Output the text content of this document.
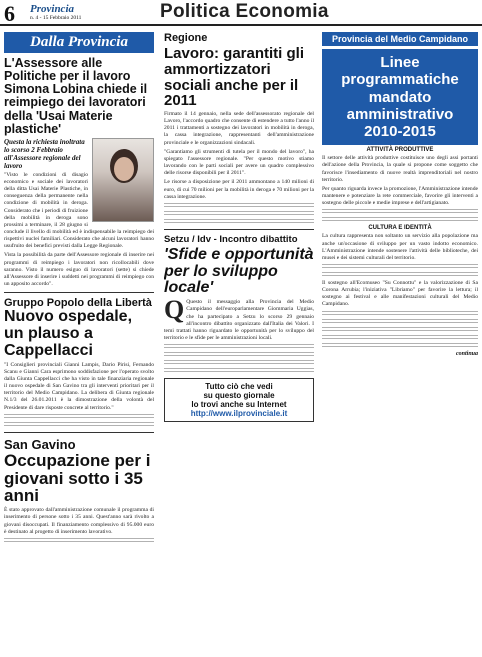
6 Provincia
n. 4 - 15 Febbraio 2011	Politica Economia
Dalla Provincia
L'Assessore alle Politiche per il lavoro Simona Lobina chiede il reimpiego dei lavoratori della 'Usai Materie plastiche'
Questa la richiesta inoltrata lo scorso 2 Febbraio all'Assessore regionale del lavoro
"Visto le condizioni di disagio economico e sociale dei lavoratori della ditta Usai Materie Plastiche, in conseguenza della permanente nella condizione di mobilità in deroga. Considerato che i periodi di fruizione della mobilità in deroga sono prossimi a terminare, il 28 giugno si conclude il livello di mobilità ed è indispensabile la reimpiego dei rispettivi nuclei familiari. Considerato che alcuni lavoratori hanno usufruito dei benefici previsti dalla Legge Regionale.
Vista la possibilità da parte dell'Assessore regionale di inserire nei programmi di reimpiego i lavoratori non ricollocabili dove saranno. Visto il numero esiguo di lavoratori (sette) si chiede all'Assessore di inserire i suddetti nei programmi di reimpiego con un apposito accordo".
Gruppo Popolo della Libertà
Nuovo ospedale, un plauso a Cappellacci
"I Consiglieri provinciali Gianni Lampis, Dario Pirisi, Fernando Scanu e Gianni Cara esprimono soddisfazione per l'operato svolto dalla Giunta Cappellacci che ha visto in tale finanziaria regionale il nuovo ospedale di San Gavino tra gli interventi prioritari per il territorio del Medio Campidano. La delibera di Giunta regionale N.1/3 del 26.01.2011 è la dimostrazione della volontà del Presidente di dare risposte concrete al territorio."
San Gavino
Occupazione per i giovani sotto i 35 anni
È stato approvato dall'amministrazione comunale il programma di inserimento di persone sotto i 35 anni. Quest'anno sarà rivolto a giovani disoccupati. Il finanziamento complessivo di 95.000 euro è destinato al progetto di inserimento lavorativo.
Regione
Lavoro: garantiti gli ammortizzatori sociali anche per il 2011
Firmato il 14 gennaio, nella sede dell'assessorato regionale del Lavoro, l'accordo quadro che consente di estendere a tutto l'anno il 2011 i trattamenti a sostegno dei lavoratori in mobilità in deroga, la cassa integrazione, rappresentanti dell'amministrazione provinciale e le organizzazioni sindacali.
"Garantiamo gli strumenti di tutela per il mondo del lavoro", ha spiegato l'assessore regionale. "Per questo motivo stiamo lavorando con le parti sociali per avere un quadro complessivo delle risorse disponibili per il 2011".
Le risorse a disposizione per il 2011 ammontano a 140 milioni di euro, di cui 70 milioni per la mobilità in deroga e 70 milioni per la cassa integrazione.
Setzu / Idv - Incontro dibattito
'Sfide e opportunità per lo sviluppo locale'
Q Questo il messaggio alla Provincia del Medio Campidano dell'europarlamentare Giommaria Uggias, che ha partecipato a Setzu lo scorso 29 gennaio all'incontro dibattito organizzato dall'Italia dei Valori. I temi trattati hanno riguardato le opportunità per lo sviluppo del territorio e le sfide per le amministrazioni locali.
Tutto ciò che vedi
su questo giornale
lo trovi anche su Internet
http://www.ilprovinciale.it
Provincia del Medio Campidano
Linee programmatiche mandato amministrativo 2010-2015
ATTIVITÀ PRODUTTIVE
Il settore delle attività produttive costituisce uno degli assi portanti dell'azione della Provincia, la quale si propone come soggetto che favorisce l'insediamento di nuove realtà imprenditoriali nel nostro territorio.
Per quanto riguarda invece la promozione, l'Amministrazione intende mantenere e potenziare la rete commerciale, favorire gli interventi a sostegno delle piccole e medie imprese e dell'artigianato.
CULTURA E IDENTITÀ
La cultura rappresenta non soltanto un servizio alla popolazione ma anche un'occasione di sviluppo per un vasto indotto economico. L'Amministrazione intende sostenere l'attività delle biblioteche, dei musei e dei sistemi culturali del territorio.
Il sostegno all'Ecomuseo "Su Connottu" e la valorizzazione di Sa Corona Arrubia; l'iniziativa "Libriamo" per favorire la lettura; il sostegno ai festival e alle manifestazioni culturali del Medio Campidano.
continua
